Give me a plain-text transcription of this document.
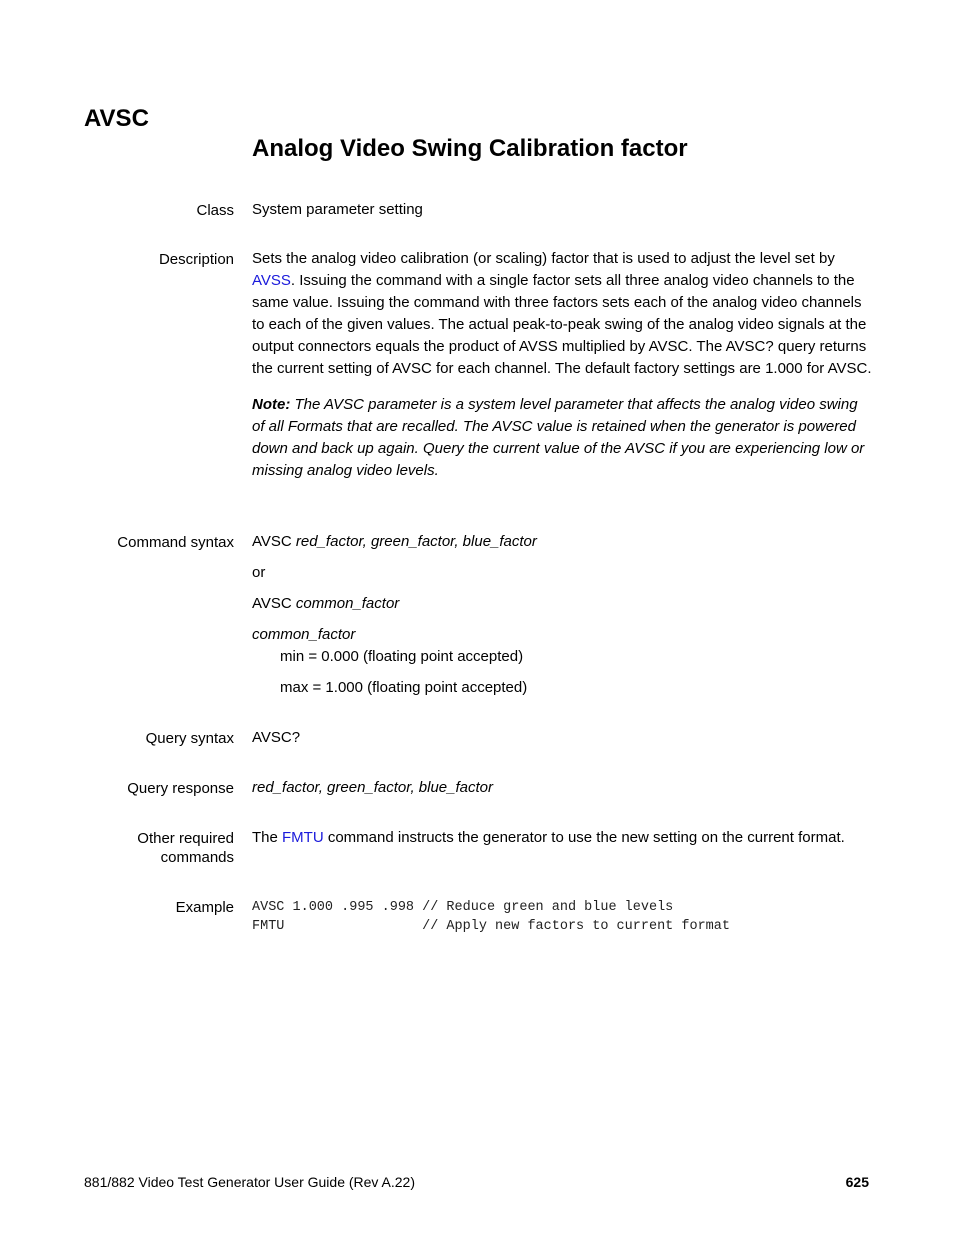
AVSC
Analog Video Swing Calibration factor
Class System parameter setting

Description Sets the analog video calibration (or scaling) factor that is used to adjust the level set by AVSS. Issuing the command with a single factor sets all three analog video channels to the same value. Issuing the command with three factors sets each of the analog video channels to each of the given values. The actual peak-to-peak swing of the analog video signals at the output connectors equals the product of AVSS multiplied by AVSC. The AVSC? query returns the current setting of AVSC for each channel. The default factory settings are 1.000 for AVSC.

Note: The AVSC parameter is a system level parameter that affects the analog video swing of all Formats that are recalled. The AVSC value is retained when the generator is powered down and back up again. Query the current value of the AVSC if you are experiencing low or missing analog video levels.

Command syntax AVSC red_factor, green_factor, blue_factor

or

AVSC common_factor

common_factor

min = 0.000 (floating point accepted)

max = 1.000 (floating point accepted)

Query syntax AVSC?

Query response red_factor, green_factor, blue_factor

Other required
commands

The FMTU command instructs the generator to use the new setting on the current format.

Example AVSC 1.000 .995 .998 // Reduce green and blue levels
FMTU                 // Apply new factors to current format
881/882 Video Test Generator User Guide (Rev A.22)	625
